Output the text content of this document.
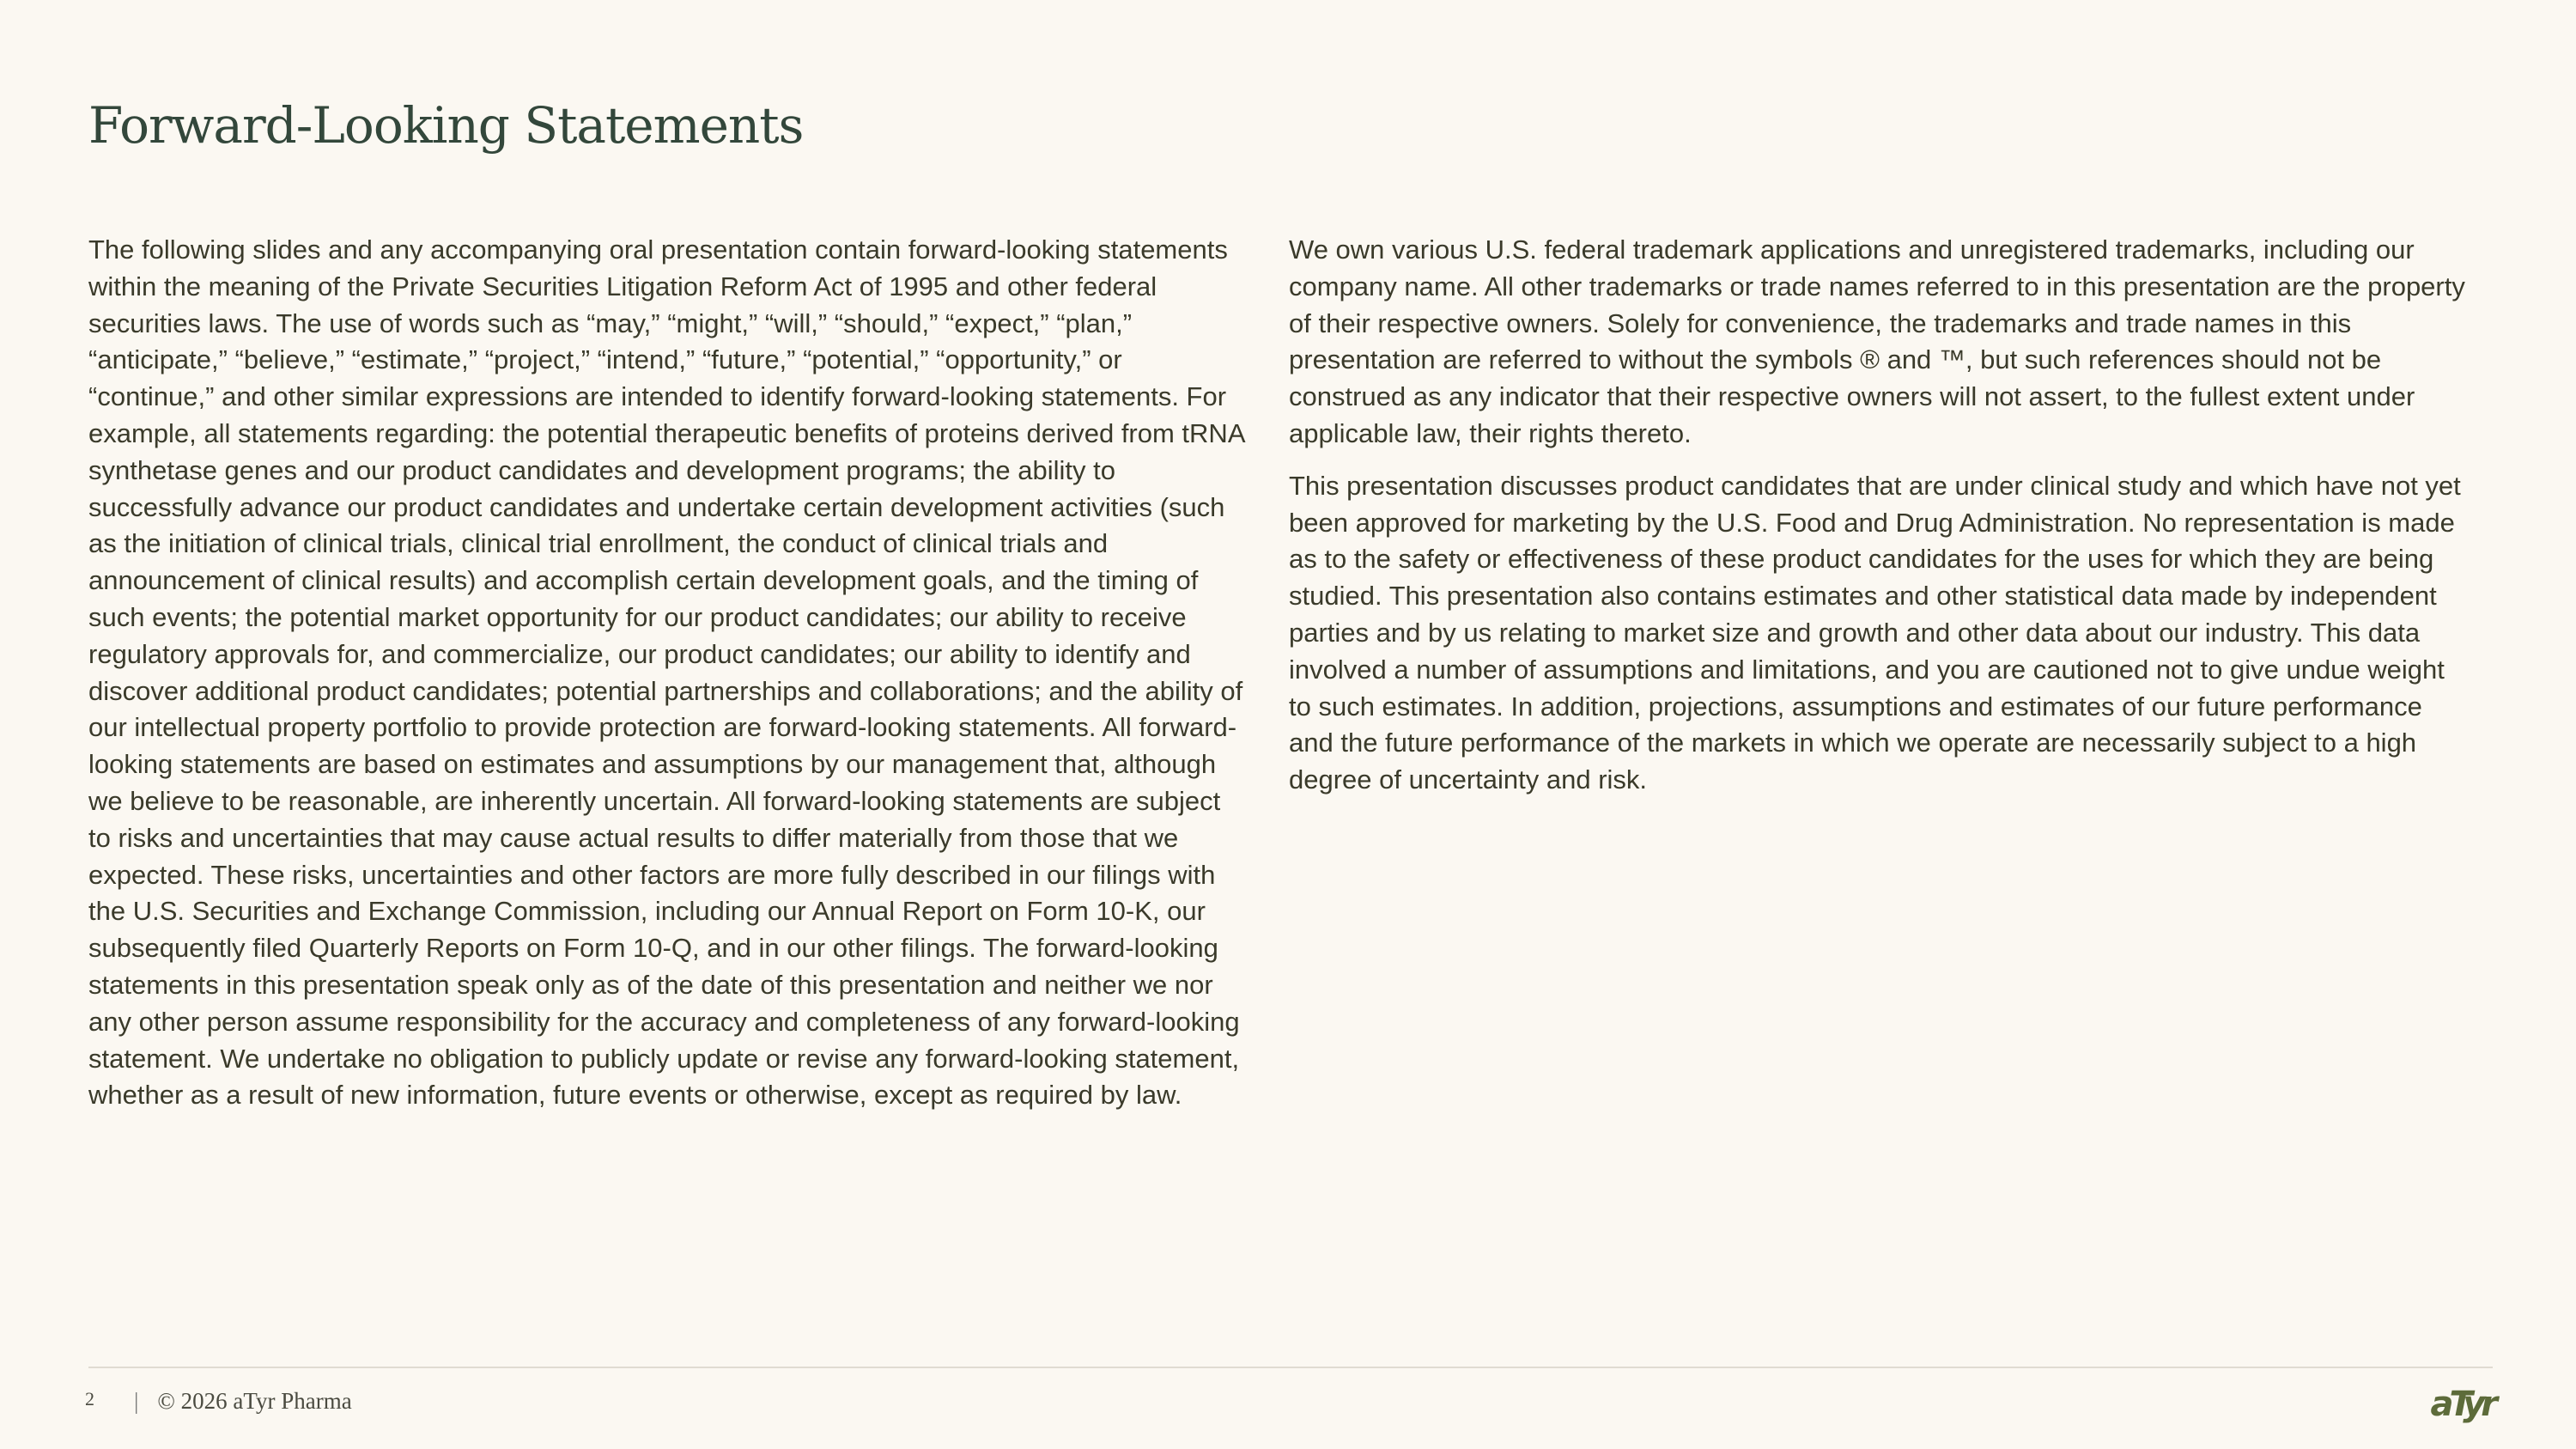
Forward-Looking Statements

The following slides and any accompanying oral presentation contain forward-looking statements within the meaning of the Private Securities Litigation Reform Act of 1995 and other federal securities laws. The use of words such as “may,” “might,” “will,” “should,” “expect,” “plan,” “anticipate,” “believe,” “estimate,” “project,” “intend,” “future,” “potential,” “opportunity,” or “continue,” and other similar expressions are intended to identify forward-looking statements. For example, all statements regarding: the potential therapeutic benefits of proteins derived from tRNA synthetase genes and our product candidates and development programs; the ability to successfully advance our product candidates and undertake certain development activities (such as the initiation of clinical trials, clinical trial enrollment, the conduct of clinical trials and announcement of clinical results) and accomplish certain development goals, and the timing of such events; the potential market opportunity for our product candidates; our ability to receive regulatory approvals for, and commercialize, our product candidates; our ability to identify and discover additional product candidates; potential partnerships and collaborations; and the ability of our intellectual property portfolio to provide protection are forward-looking statements. All forward-looking statements are based on estimates and assumptions by our management that, although we believe to be reasonable, are inherently uncertain. All forward-looking statements are subject to risks and uncertainties that may cause actual results to differ materially from those that we expected. These risks, uncertainties and other factors are more fully described in our filings with the U.S. Securities and Exchange Commission, including our Annual Report on Form 10-K, our subsequently filed Quarterly Reports on Form 10-Q, and in our other filings. The forward-looking statements in this presentation speak only as of the date of this presentation and neither we nor any other person assume responsibility for the accuracy and completeness of any forward-looking statement. We undertake no obligation to publicly update or revise any forward-looking statement, whether as a result of new information, future events or otherwise, except as required by law.

We own various U.S. federal trademark applications and unregistered trademarks, including our company name. All other trademarks or trade names referred to in this presentation are the property of their respective owners. Solely for convenience, the trademarks and trade names in this presentation are referred to without the symbols ® and ™, but such references should not be construed as any indicator that their respective owners will not assert, to the fullest extent under applicable law, their rights thereto.

This presentation discusses product candidates that are under clinical study and which have not yet been approved for marketing by the U.S. Food and Drug Administration. No representation is made as to the safety or effectiveness of these product candidates for the uses for which they are being studied. This presentation also contains estimates and other statistical data made by independent parties and by us relating to market size and growth and other data about our industry. This data involved a number of assumptions and limitations, and you are cautioned not to give undue weight to such estimates. In addition, projections, assumptions and estimates of our future performance and the future performance of the markets in which we operate are necessarily subject to a high degree of uncertainty and risk.

2 | © 2026 aTyr Pharma	aTyr
